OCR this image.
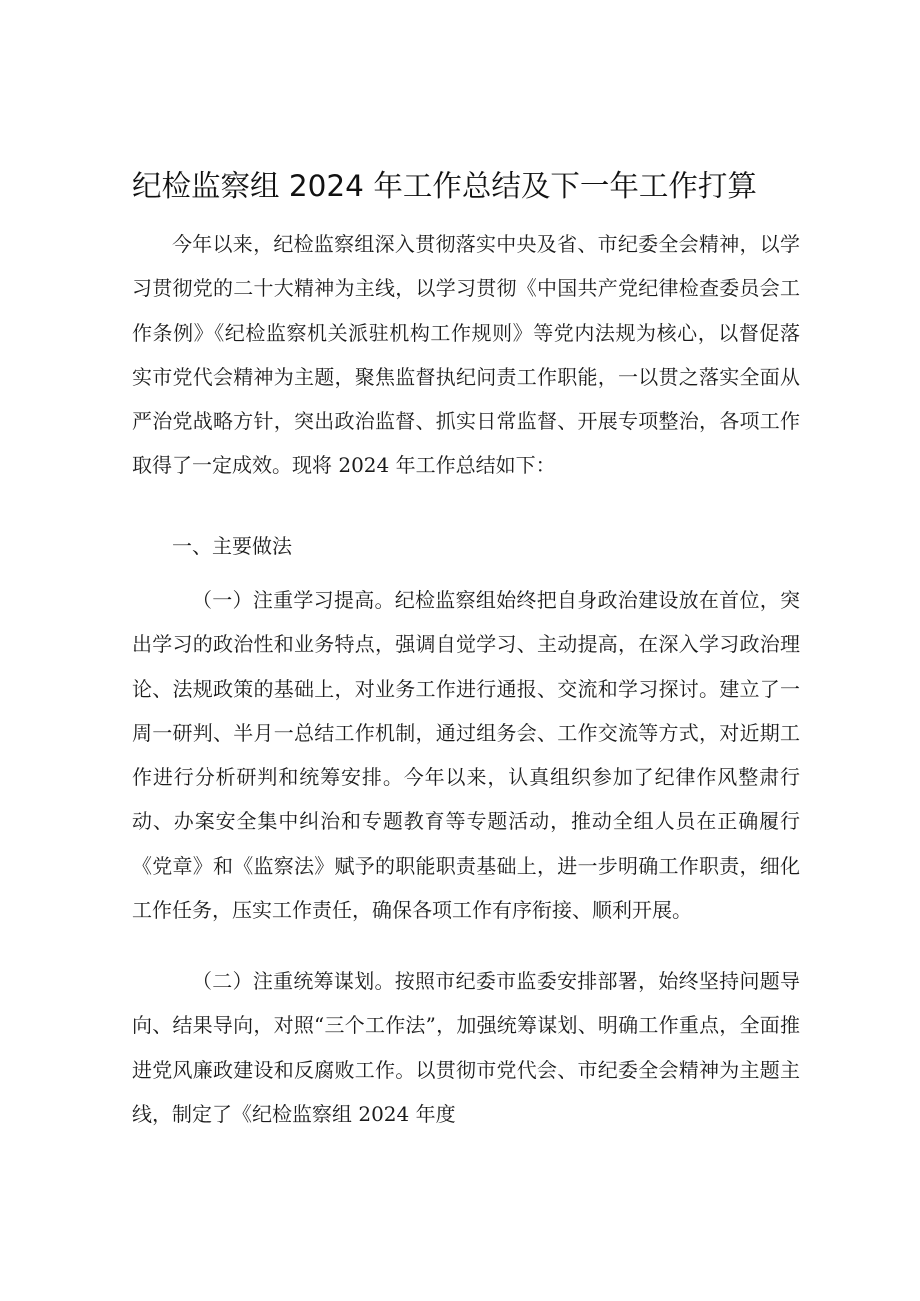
纪检监察组 2024 年工作总结及下一年工作打算

今年以来，纪检监察组深入贯彻落实中央及省、市纪委全会精神，以学习贯彻党的二十大精神为主线，以学习贯彻《中国共产党纪律检查委员会工作条例》《纪检监察机关派驻机构工作规则》等党内法规为核心，以督促落实市党代会精神为主题，聚焦监督执纪问责工作职能，一以贯之落实全面从严治党战略方针，突出政治监督、抓实日常监督、开展专项整治，各项工作取得了一定成效。现将 2024 年工作总结如下：

一、主要做法

（一）注重学习提高。纪检监察组始终把自身政治建设放在首位，突出学习的政治性和业务特点，强调自觉学习、主动提高，在深入学习政治理论、法规政策的基础上，对业务工作进行通报、交流和学习探讨。建立了一周一研判、半月一总结工作机制，通过组务会、工作交流等方式，对近期工作进行分析研判和统筹安排。今年以来，认真组织参加了纪律作风整肃行动、办案安全集中纠治和专题教育等专题活动，推动全组人员在正确履行《党章》和《监察法》赋予的职能职责基础上，进一步明确工作职责，细化工作任务，压实工作责任，确保各项工作有序衔接、顺利开展。

（二）注重统筹谋划。按照市纪委市监委安排部署，始终坚持问题导向、结果导向，对照“三个工作法”，加强统筹谋划、明确工作重点，全面推进党风廉政建设和反腐败工作。以贯彻市党代会、市纪委全会精神为主题主线，制定了《纪检监察组 2024 年度
